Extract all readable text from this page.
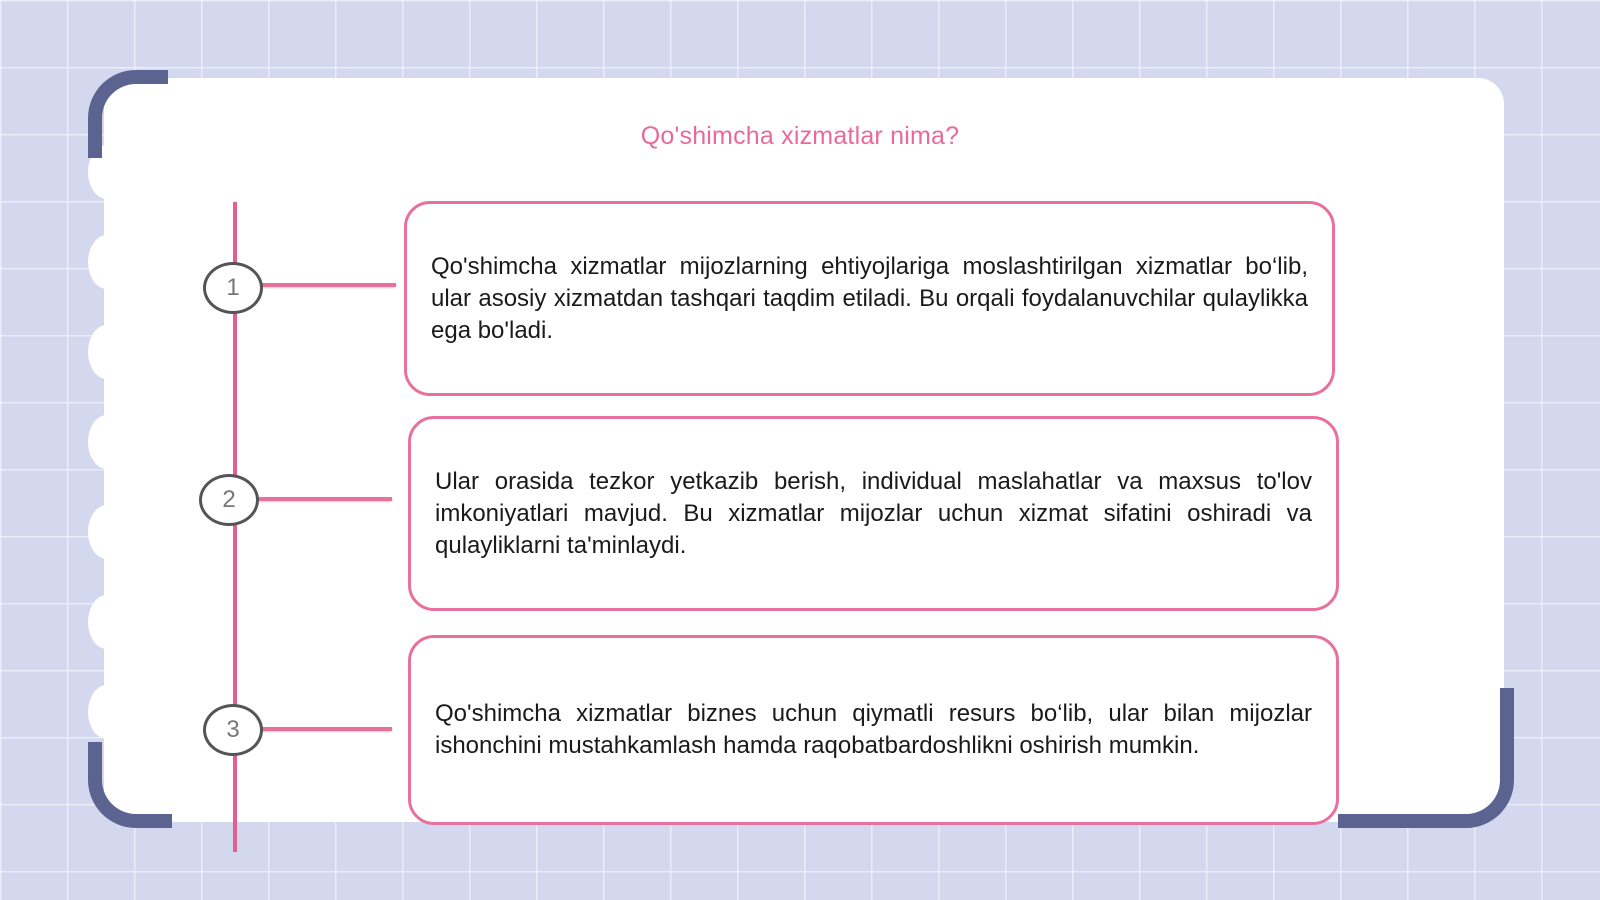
Qo'shimcha xizmatlar nima?
1
2
3

Qo'shimcha xizmatlar mijozlarning ehtiyojlariga moslashtirilgan xizmatlar bo‘lib, ular asosiy xizmatdan tashqari taqdim etiladi. Bu orqali foydalanuvchilar qulaylikka ega bo'ladi.

Ular orasida tezkor yetkazib berish, individual maslahatlar va maxsus to'lov imkoniyatlari mavjud. Bu xizmatlar mijozlar uchun xizmat sifatini oshiradi va qulayliklarni ta'minlaydi.

Qo'shimcha xizmatlar biznes uchun qiymatli resurs bo‘lib, ular bilan mijozlar ishonchini mustahkamlash hamda raqobatbardoshlikni oshirish mumkin.
